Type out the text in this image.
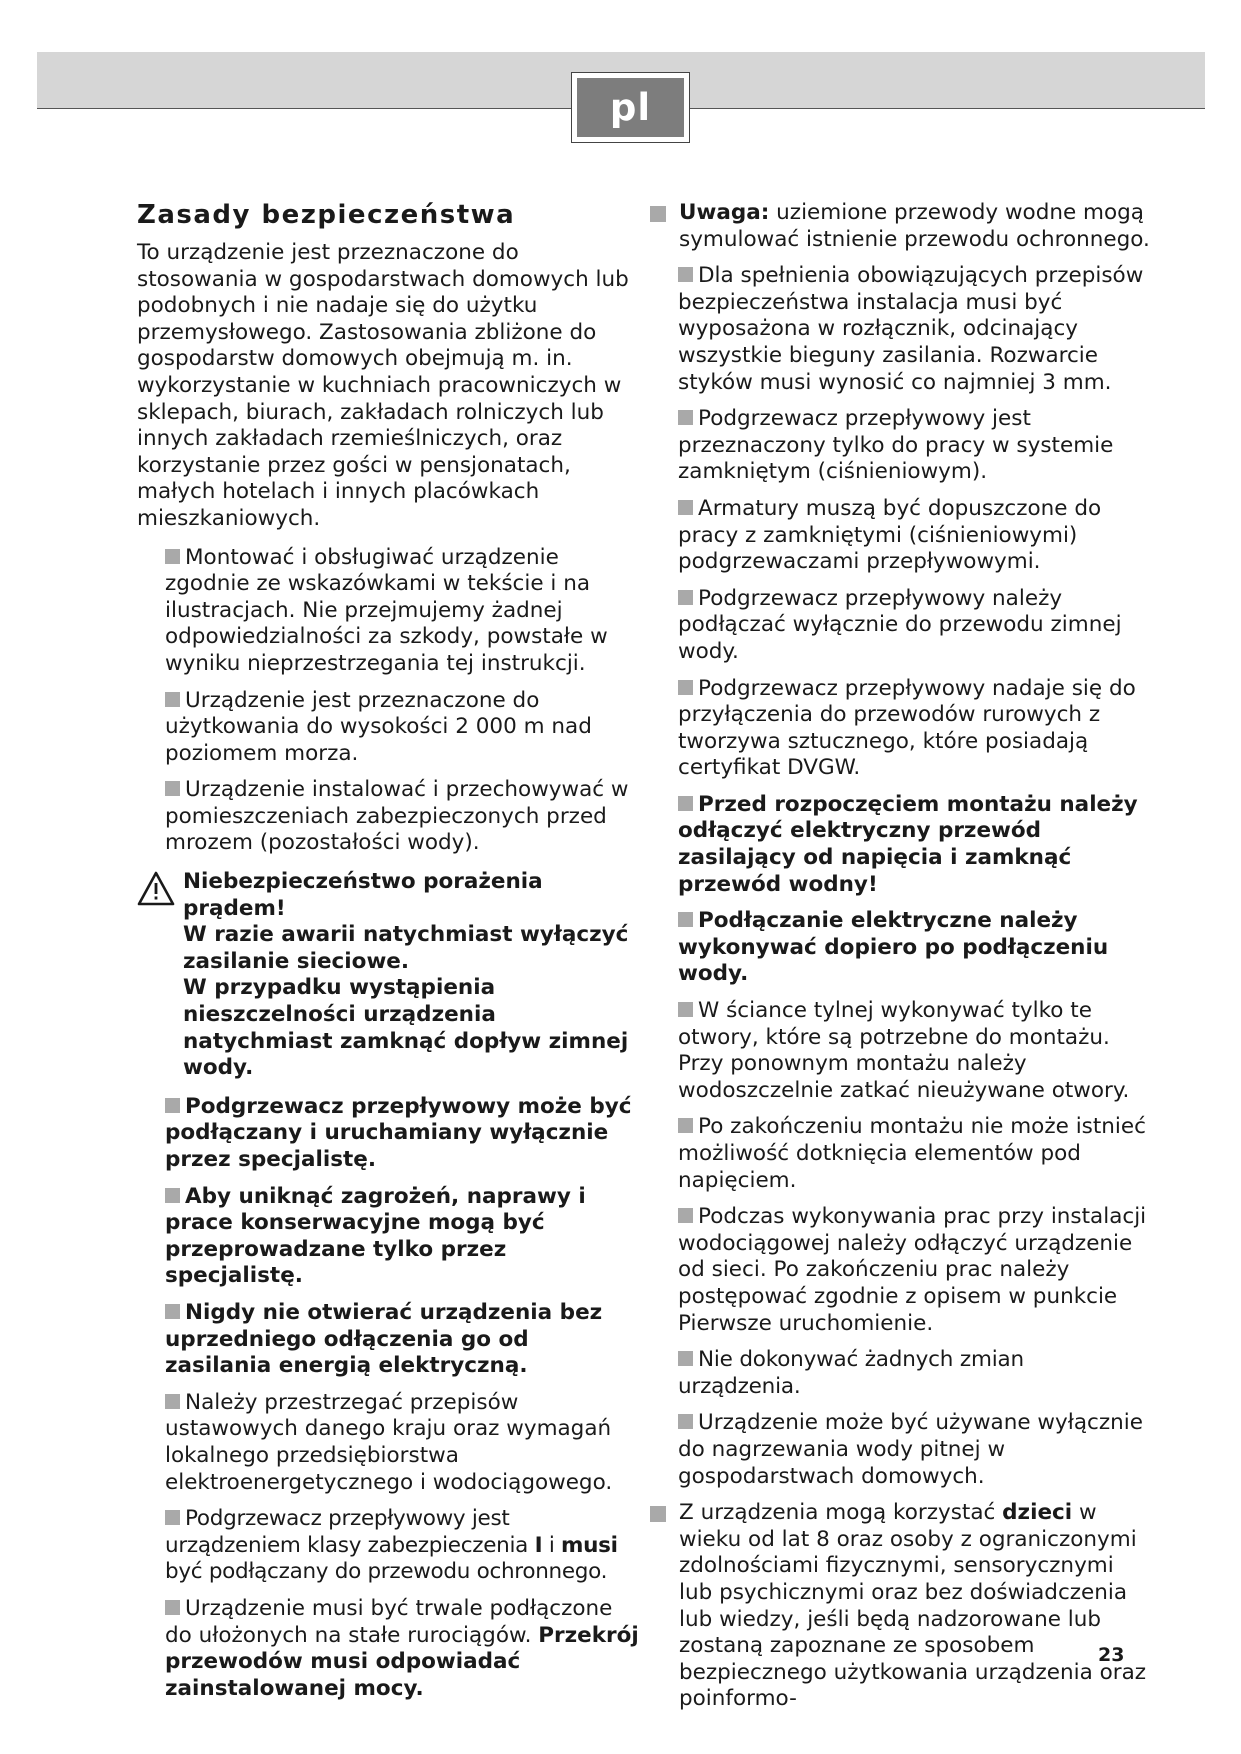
pl
Zasady bezpieczeństwa

To urządzenie jest przeznaczone do stosowania w gospodarstwach domowych lub podobnych i nie nadaje się do użytku przemysłowego. Zastosowania zbliżone do gospodarstw domowych obejmują m. in. wykorzystanie w kuchniach pracowniczych w sklepach, biurach, zakładach rolniczych lub innych zakładach rzemieślniczych, oraz korzystanie przez gości w pensjonatach, małych hotelach i innych placówkach mieszkaniowych.

Montować i obsługiwać urządzenie zgodnie ze wskazówkami w tekście i na ilustracjach. Nie przejmujemy żadnej odpowiedzialności za szkody, powstałe w wyniku nieprzestrzegania tej instrukcji.
Urządzenie jest przeznaczone do użytkowania do wysokości 2 000 m nad poziomem morza.
Urządzenie instalować i przechowywać w pomieszczeniach zabezpieczonych przed mrozem (pozostałości wody).
Niebezpieczeństwo porażenia prądem!
W razie awarii natychmiast wyłączyć zasilanie sieciowe.
W przypadku wystąpienia nieszczelności urządzenia natychmiast zamknąć dopływ zimnej wody.
Podgrzewacz przepływowy może być podłączany i uruchamiany wyłącznie przez specjalistę.
Aby uniknąć zagrożeń, naprawy i prace konserwacyjne mogą być przeprowadzane tylko przez specjalistę.
Nigdy nie otwierać urządzenia bez uprzedniego odłączenia go od zasilania energią elektryczną.
Należy przestrzegać przepisów ustawowych danego kraju oraz wymagań lokalnego przedsiębiorstwa elektroenergetycznego i wodociągowego.
Podgrzewacz przepływowy jest urządzeniem klasy zabezpieczenia I i musi być podłączany do przewodu ochronnego.
Urządzenie musi być trwale podłączone do ułożonych na stałe rurociągów. Przekrój przewodów musi odpowiadać zainstalowanej mocy.
Uwaga: uziemione przewody wodne mogą symulować istnienie przewodu ochronnego.
Dla spełnienia obowiązujących przepisów bezpieczeństwa instalacja musi być wyposażona w rozłącznik, odcinający wszystkie bieguny zasilania. Rozwarcie styków musi wynosić co najmniej 3 mm.
Podgrzewacz przepływowy jest przeznaczony tylko do pracy w systemie zamkniętym (ciśnieniowym).
Armatury muszą być dopuszczone do pracy z zamkniętymi (ciśnieniowymi) podgrzewaczami przepływowymi.
Podgrzewacz przepływowy należy podłączać wyłącznie do przewodu zimnej wody.
Podgrzewacz przepływowy nadaje się do przyłączenia do przewodów rurowych z tworzywa sztucznego, które posiadają certyfikat DVGW.
Przed rozpoczęciem montażu należy odłączyć elektryczny przewód zasilający od napięcia i zamknąć przewód wodny!
Podłączanie elektryczne należy wykonywać dopiero po podłączeniu wody.
W ściance tylnej wykonywać tylko te otwory, które są potrzebne do montażu. Przy ponownym montażu należy wodoszczelnie zatkać nieużywane otwory.
Po zakończeniu montażu nie może istnieć możliwość dotknięcia elementów pod napięciem.
Podczas wykonywania prac przy instalacji wodociągowej należy odłączyć urządzenie od sieci. Po zakończeniu prac należy postępować zgodnie z opisem w punkcie Pierwsze uruchomienie.
Nie dokonywać żadnych zmian urządzenia.
Urządzenie może być używane wyłącznie do nagrzewania wody pitnej w gospodarstwach domowych.
Z urządzenia mogą korzystać dzieci w wieku od lat 8 oraz osoby z ograniczonymi zdolnościami fizycznymi, sensorycznymi lub psychicznymi oraz bez doświadczenia lub wiedzy, jeśli będą nadzorowane lub zostaną zapoznane ze sposobem bezpiecznego użytkowania urządzenia oraz poinformo-
23
